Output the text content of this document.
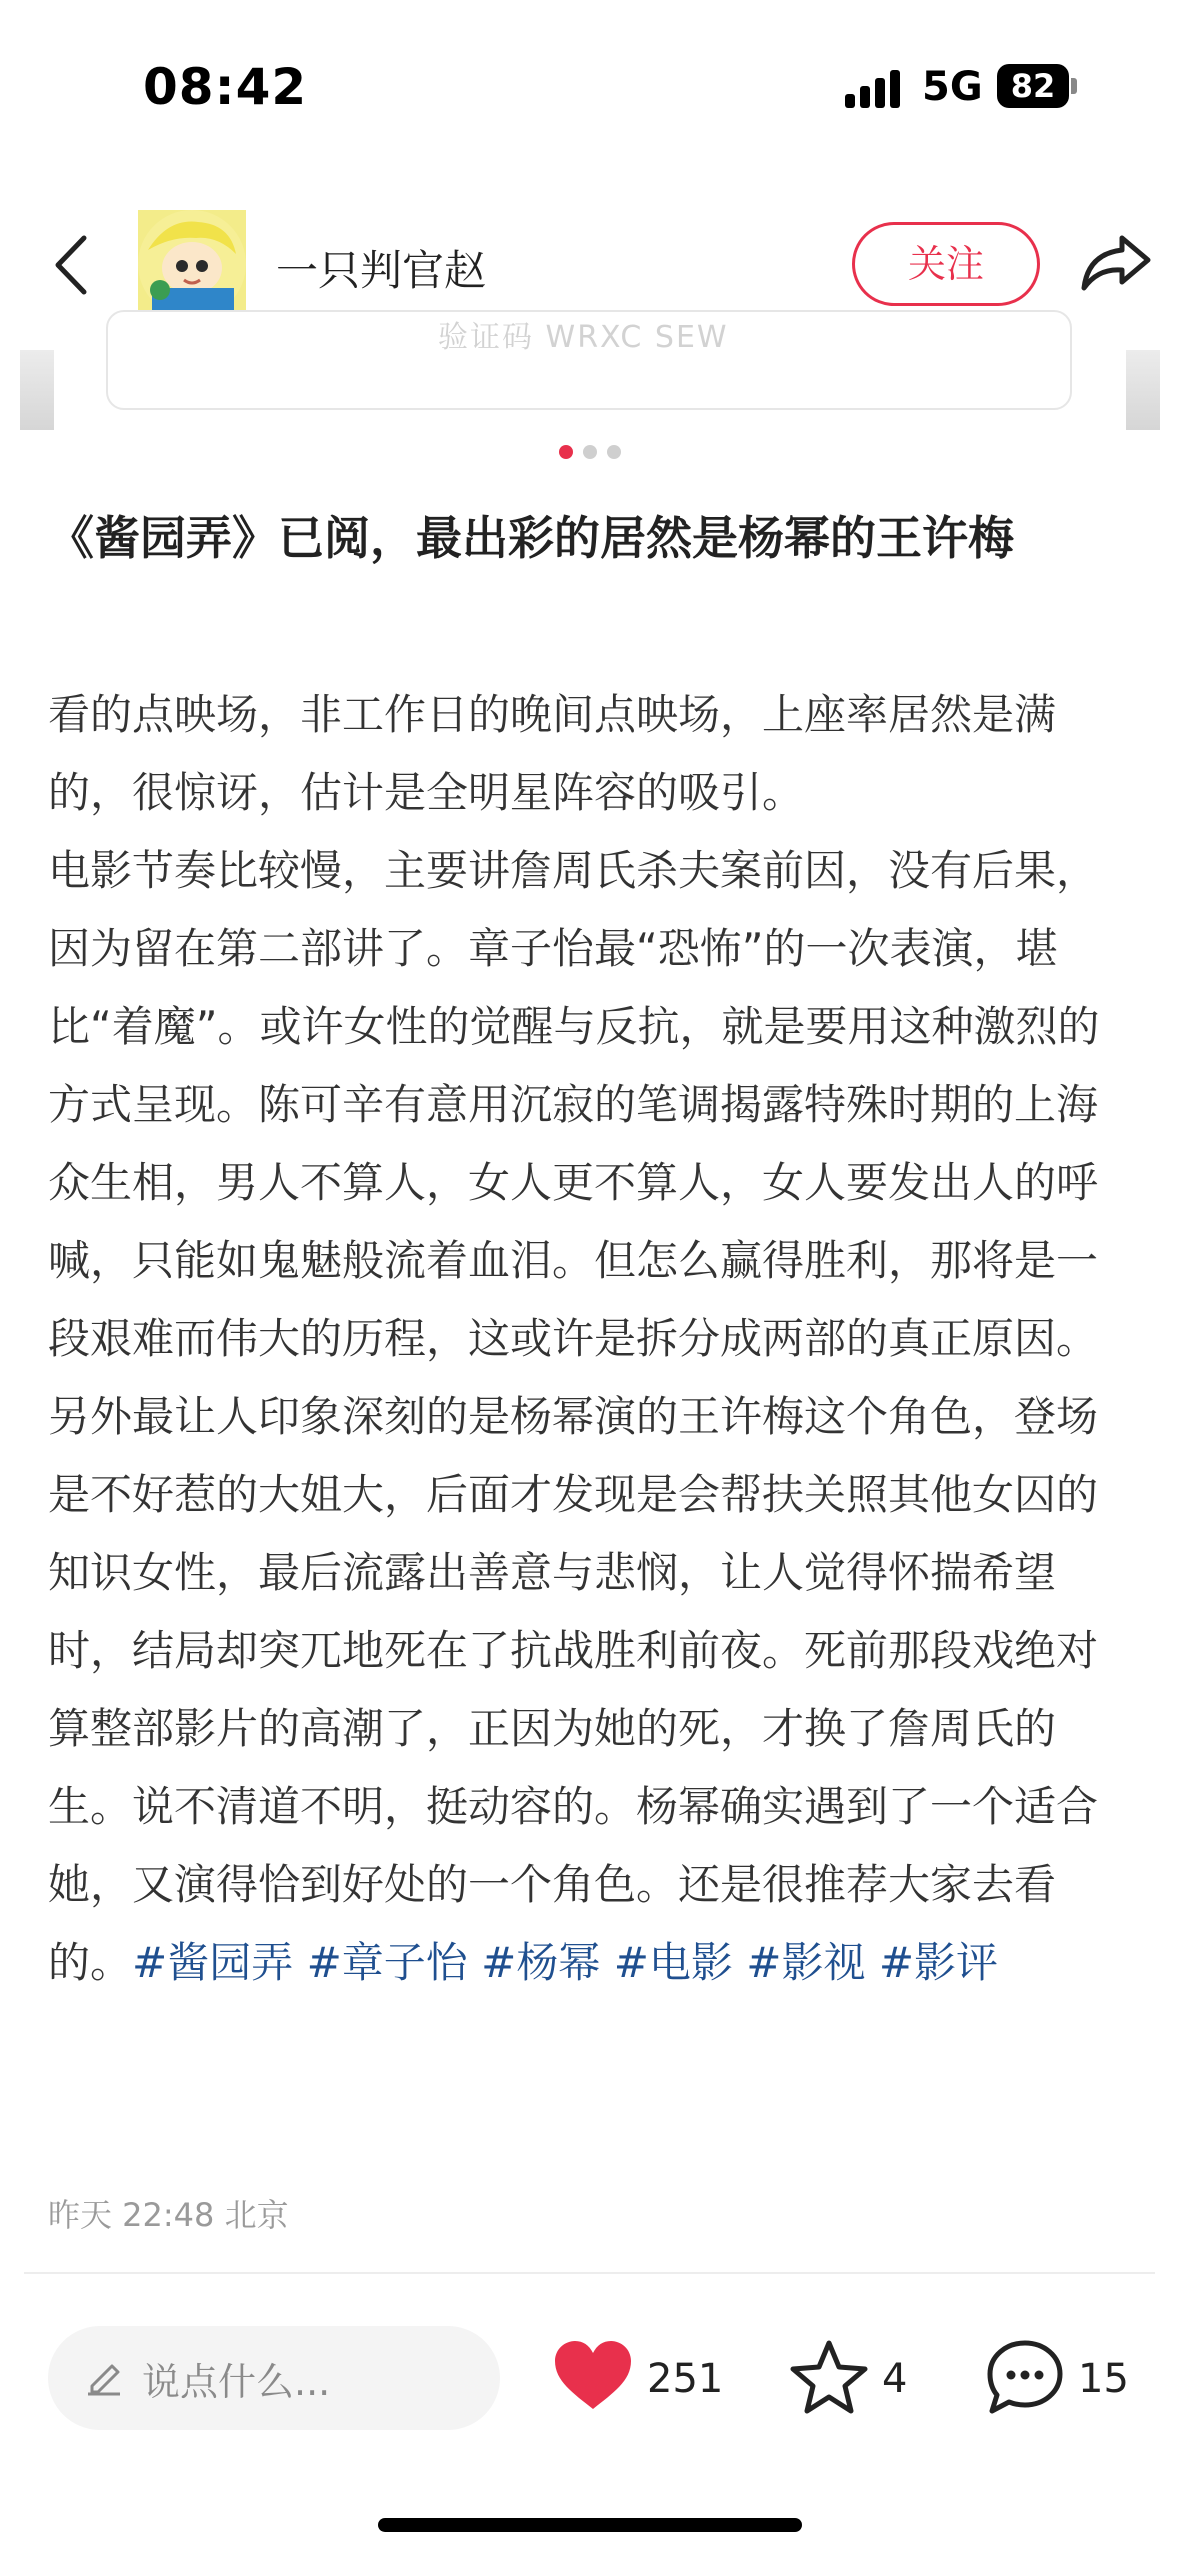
08:42	5G 82
一只判官赵	关注
验证码 WRXC SEW
《酱园弄》已阅，最出彩的居然是杨幂的王许梅

看的点映场，非工作日的晚间点映场，上座率居然是满的，很惊讶，估计是全明星阵容的吸引。

电影节奏比较慢，主要讲詹周氏杀夫案前因，没有后果，因为留在第二部讲了。章子怡最“恐怖”的一次表演，堪比“着魔”。或许女性的觉醒与反抗，就是要用这种激烈的方式呈现。陈可辛有意用沉寂的笔调揭露特殊时期的上海众生相，男人不算人，女人更不算人，女人要发出人的呼喊，只能如鬼魅般流着血泪。但怎么赢得胜利，那将是一段艰难而伟大的历程，这或许是拆分成两部的真正原因。

另外最让人印象深刻的是杨幂演的王许梅这个角色，登场是不好惹的大姐大，后面才发现是会帮扶关照其他女囚的知识女性，最后流露出善意与悲悯，让人觉得怀揣希望时，结局却突兀地死在了抗战胜利前夜。死前那段戏绝对算整部影片的高潮了，正因为她的死，才换了詹周氏的生。说不清道不明，挺动容的。杨幂确实遇到了一个适合她，又演得恰到好处的一个角色。还是很推荐大家去看的。#酱园弄 #章子怡 #杨幂 #电影 #影视 #影评

昨天 22:48 北京
说点什么...	251	4	15
